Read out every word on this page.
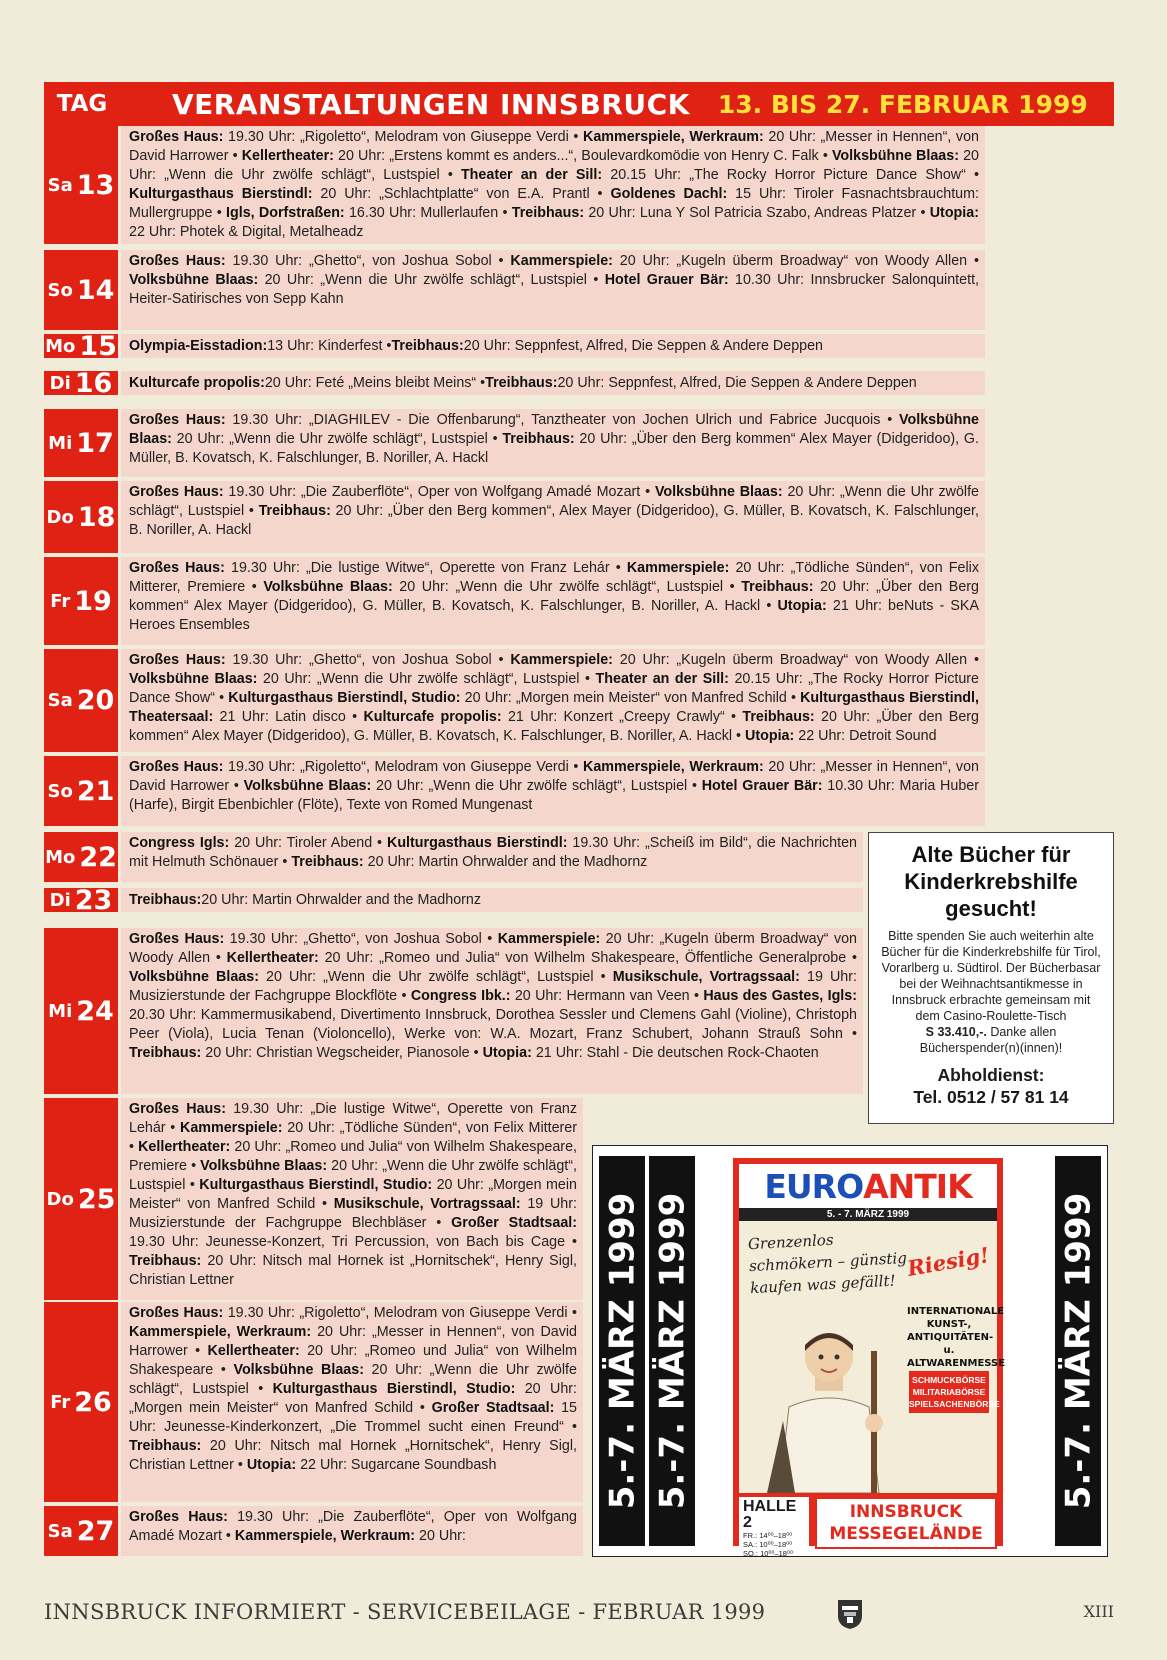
TAG	VERANSTALTUNGEN INNSBRUCK 13. BIS 27. FEBRUAR 1999
Sa 13
Großes Haus: 19.30 Uhr: „Rigoletto“, Melodram von Giuseppe Verdi • Kammerspiele, Werkraum: 20 Uhr: „Messer in Hennen“, von David Harrower • Kellertheater: 20 Uhr: „Erstens kommt es anders...“, Boulevardkomödie von Henry C. Falk • Volksbühne Blaas: 20 Uhr: „Wenn die Uhr zwölfe schlägt“, Lustspiel • Theater an der Sill: 20.15 Uhr: „The Rocky Horror Picture Dance Show“ • Kulturgasthaus Bierstindl: 20 Uhr: „Schlachtplatte“ von E.A. Prantl • Goldenes Dachl: 15 Uhr: Tiroler Fasnachtsbrauchtum: Mullergruppe • Igls, Dorfstraßen: 16.30 Uhr: Mullerlaufen • Treibhaus: 20 Uhr: Luna Y Sol Patricia Szabo, Andreas Platzer • Utopia: 22 Uhr: Photek & Digital, Metalheadz
So 14
Großes Haus: 19.30 Uhr: „Ghetto“, von Joshua Sobol • Kammerspiele: 20 Uhr: „Kugeln überm Broadway“ von Woody Allen • Volksbühne Blaas: 20 Uhr: „Wenn die Uhr zwölfe schlägt“, Lustspiel • Hotel Grauer Bär: 10.30 Uhr: Innsbrucker Salonquintett, Heiter-Satirisches von Sepp Kahn
Mo 15 Olympia-Eisstadion: 13 Uhr: Kinderfest • Treibhaus: 20 Uhr: Seppnfest, Alfred, Die Seppen & Andere Deppen
Di 16 Kulturcafe propolis: 20 Uhr: Feté „Meins bleibt Meins“ • Treibhaus: 20 Uhr: Seppnfest, Alfred, Die Seppen & Andere Deppen
Mi 17
Großes Haus: 19.30 Uhr: „DIAGHILEV - Die Offenbarung“, Tanztheater von Jochen Ulrich und Fabrice Jucquois • Volksbühne Blaas: 20 Uhr: „Wenn die Uhr zwölfe schlägt“, Lustspiel • Treibhaus: 20 Uhr: „Über den Berg kommen“ Alex Mayer (Didgeridoo), G. Müller, B. Kovatsch, K. Falschlunger, B. Noriller, A. Hackl
Do 18
Großes Haus: 19.30 Uhr: „Die Zauberflöte“, Oper von Wolfgang Amadé Mozart • Volksbühne Blaas: 20 Uhr: „Wenn die Uhr zwölfe schlägt“, Lustspiel • Treibhaus: 20 Uhr: „Über den Berg kommen“, Alex Mayer (Didgeridoo), G. Müller, B. Kovatsch, K. Falschlunger, B. Noriller, A. Hackl
Fr 19
Großes Haus: 19.30 Uhr: „Die lustige Witwe“, Operette von Franz Lehár • Kammerspiele: 20 Uhr: „Tödliche Sünden“, von Felix Mitterer, Premiere • Volksbühne Blaas: 20 Uhr: „Wenn die Uhr zwölfe schlägt“, Lustspiel • Treibhaus: 20 Uhr: „Über den Berg kommen“ Alex Mayer (Didgeridoo), G. Müller, B. Kovatsch, K. Falschlunger, B. Noriller, A. Hackl • Utopia: 21 Uhr: beNuts - SKA Heroes Ensembles
Sa 20
Großes Haus: 19.30 Uhr: „Ghetto“, von Joshua Sobol • Kammerspiele: 20 Uhr: „Kugeln überm Broadway“ von Woody Allen • Volksbühne Blaas: 20 Uhr: „Wenn die Uhr zwölfe schlägt“, Lustspiel • Theater an der Sill: 20.15 Uhr: „The Rocky Horror Picture Dance Show“ • Kulturgasthaus Bierstindl, Studio: 20 Uhr: „Morgen mein Meister“ von Manfred Schild • Kulturgasthaus Bierstindl, Theatersaal: 21 Uhr: Latin disco • Kulturcafe propolis: 21 Uhr: Konzert „Creepy Crawly“ • Treibhaus: 20 Uhr: „Über den Berg kommen“ Alex Mayer (Didgeridoo), G. Müller, B. Kovatsch, K. Falschlunger, B. Noriller, A. Hackl • Utopia: 22 Uhr: Detroit Sound
So 21
Großes Haus: 19.30 Uhr: „Rigoletto“, Melodram von Giuseppe Verdi • Kammerspiele, Werkraum: 20 Uhr: „Messer in Hennen“, von David Harrower • Volksbühne Blaas: 20 Uhr: „Wenn die Uhr zwölfe schlägt“, Lustspiel • Hotel Grauer Bär: 10.30 Uhr: Maria Huber (Harfe), Birgit Ebenbichler (Flöte), Texte von Romed Mungenast
Mo 22 Congress Igls: 20 Uhr: Tiroler Abend • Kulturgasthaus Bierstindl: 19.30 Uhr: „Scheiß im Bild“, die Nachrichten mit Helmuth Schönauer • Treibhaus: 20 Uhr: Martin Ohrwalder and the Madhornz
Di 23 Treibhaus: 20 Uhr: Martin Ohrwalder and the Madhornz
Mi 24
Großes Haus: 19.30 Uhr: „Ghetto“, von Joshua Sobol • Kammerspiele: 20 Uhr: „Kugeln überm Broadway“ von Woody Allen • Kellertheater: 20 Uhr: „Romeo und Julia“ von Wilhelm Shakespeare, Öffentliche Generalprobe • Volksbühne Blaas: 20 Uhr: „Wenn die Uhr zwölfe schlägt“, Lustspiel • Musikschule, Vortragssaal: 19 Uhr: Musizierstunde der Fachgruppe Blockflöte • Congress Ibk.: 20 Uhr: Hermann van Veen • Haus des Gastes, Igls: 20.30 Uhr: Kammermusikabend, Divertimento Innsbruck, Dorothea Sessler und Clemens Gahl (Violine), Christoph Peer (Viola), Lucia Tenan (Violoncello), Werke von: W.A. Mozart, Franz Schubert, Johann Strauß Sohn • Treibhaus: 20 Uhr: Christian Wegscheider, Pianosole • Utopia: 21 Uhr: Stahl - Die deutschen Rock-Chaoten
Do 25
Großes Haus: 19.30 Uhr: „Die lustige Witwe“, Operette von Franz Lehár • Kammerspiele: 20 Uhr: „Tödliche Sünden“, von Felix Mitterer • Kellertheater: 20 Uhr: „Romeo und Julia“ von Wilhelm Shakespeare, Premiere • Volksbühne Blaas: 20 Uhr: „Wenn die Uhr zwölfe schlägt“, Lustspiel • Kulturgasthaus Bierstindl, Studio: 20 Uhr: „Morgen mein Meister“ von Manfred Schild • Musikschule, Vortragssaal: 19 Uhr: Musizierstunde der Fachgruppe Blechbläser • Großer Stadtsaal: 19.30 Uhr: Jeunesse-Konzert, Tri Percussion, von Bach bis Cage • Treibhaus: 20 Uhr: Nitsch mal Hornek ist „Hornitschek“, Henry Sigl, Christian Lettner
Fr 26
Großes Haus: 19.30 Uhr: „Rigoletto“, Melodram von Giuseppe Verdi • Kammerspiele, Werkraum: 20 Uhr: „Messer in Hennen“, von David Harrower • Kellertheater: 20 Uhr: „Romeo und Julia“ von Wilhelm Shakespeare • Volksbühne Blaas: 20 Uhr: „Wenn die Uhr zwölfe schlägt“, Lustspiel • Kulturgasthaus Bierstindl, Studio: 20 Uhr: „Morgen mein Meister“ von Manfred Schild • Großer Stadtsaal: 15 Uhr: Jeunesse-Kinderkonzert, „Die Trommel sucht einen Freund“ • Treibhaus: 20 Uhr: Nitsch mal Hornek „Hornitschek“, Henry Sigl, Christian Lettner • Utopia: 22 Uhr: Sugarcane Soundbash
Sa 27	Großes Haus: 19.30 Uhr: „Die Zauberflöte“, Oper von Wolfgang Amadé Mozart • Kammerspiele, Werkraum: 20 Uhr:
Alte Bücher für Kinderkrebshilfe gesucht!
Bitte spenden Sie auch weiterhin alte Bücher für die Kinderkrebshilfe für Tirol, Vorarlberg u. Südtirol. Der Bücherbasar bei der Weihnachtsantikmesse in Innsbruck erbrachte gemeinsam mit dem Casino-Roulette-Tisch
S 33.410,-. Danke allen Bücherspender(n)(innen)!
Abholdienst:
Tel. 0512 / 57 81 14
5.-7. MÄRZ 1999 5.-7. MÄRZ 1999	5.-7. MÄRZ 1999
EURO ANTIK
5. - 7. MÄRZ 1999
Grenzenlos schmökern – günstig kaufen was gefällt!
Riesig!
INTERNATIONALE KUNST-, ANTIQUITÄTEN- u. ALTWARENMESSE
SCHMUCKBÖRSE MILITARIABÖRSE SPIELSACHENBÖRSE
HALLE 2
FR.: 14⁰⁰–18⁰⁰ SA.: 10⁰⁰–18⁰⁰ SO.: 10⁰⁰–18⁰⁰
INNSBRUCK
MESSEGELÄNDE
INNSBRUCK INFORMIERT - SERVICEBEILAGE - FEBRUAR 1999	XIII
